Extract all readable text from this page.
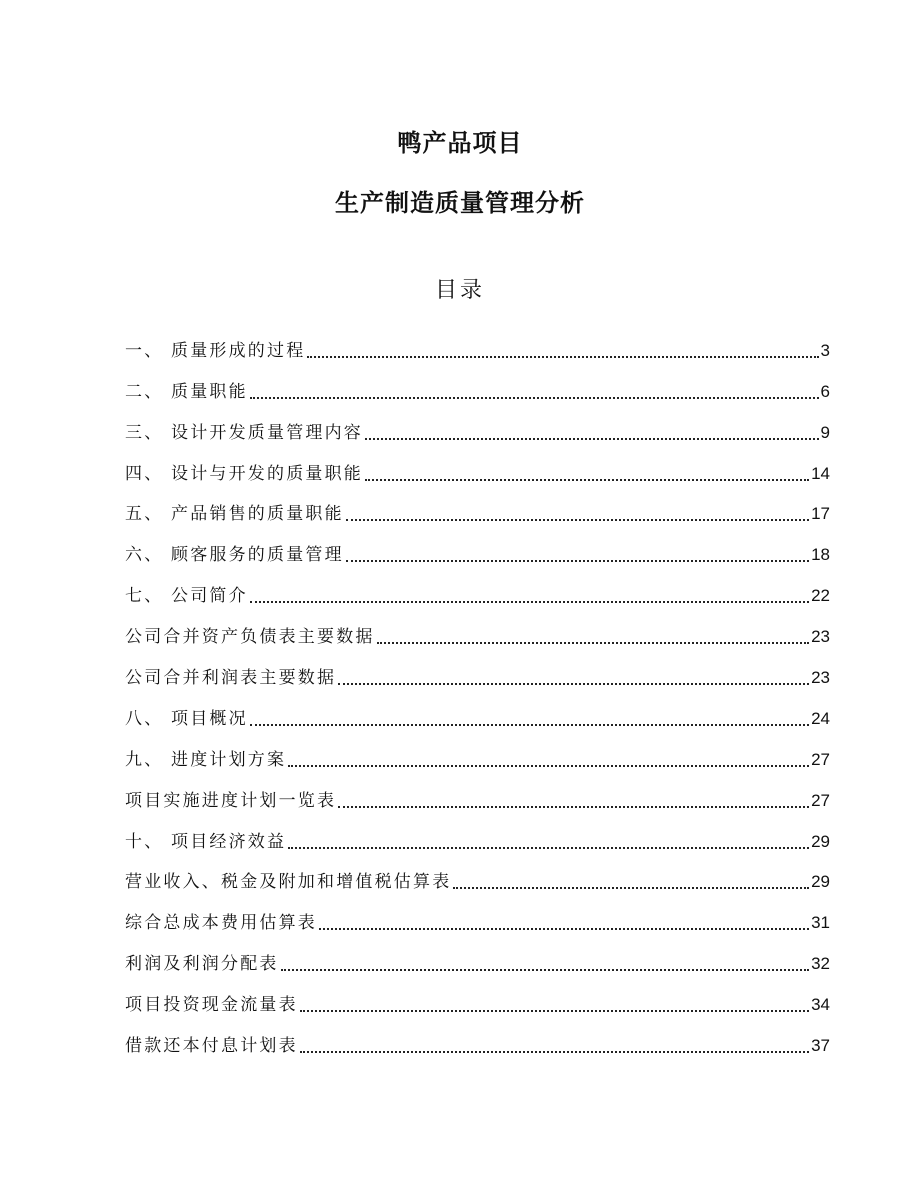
鸭产品项目
生产制造质量管理分析
目录
一、 质量形成的过程	3
二、 质量职能	6
三、 设计开发质量管理内容	9
四、 设计与开发的质量职能	14
五、 产品销售的质量职能	17
六、 顾客服务的质量管理	18
七、 公司简介	22
公司合并资产负债表主要数据	23
公司合并利润表主要数据	23
八、 项目概况	24
九、 进度计划方案	27
项目实施进度计划一览表	27
十、 项目经济效益	29
营业收入、税金及附加和增值税估算表	29
综合总成本费用估算表	31
利润及利润分配表	32
项目投资现金流量表	34
借款还本付息计划表	37
